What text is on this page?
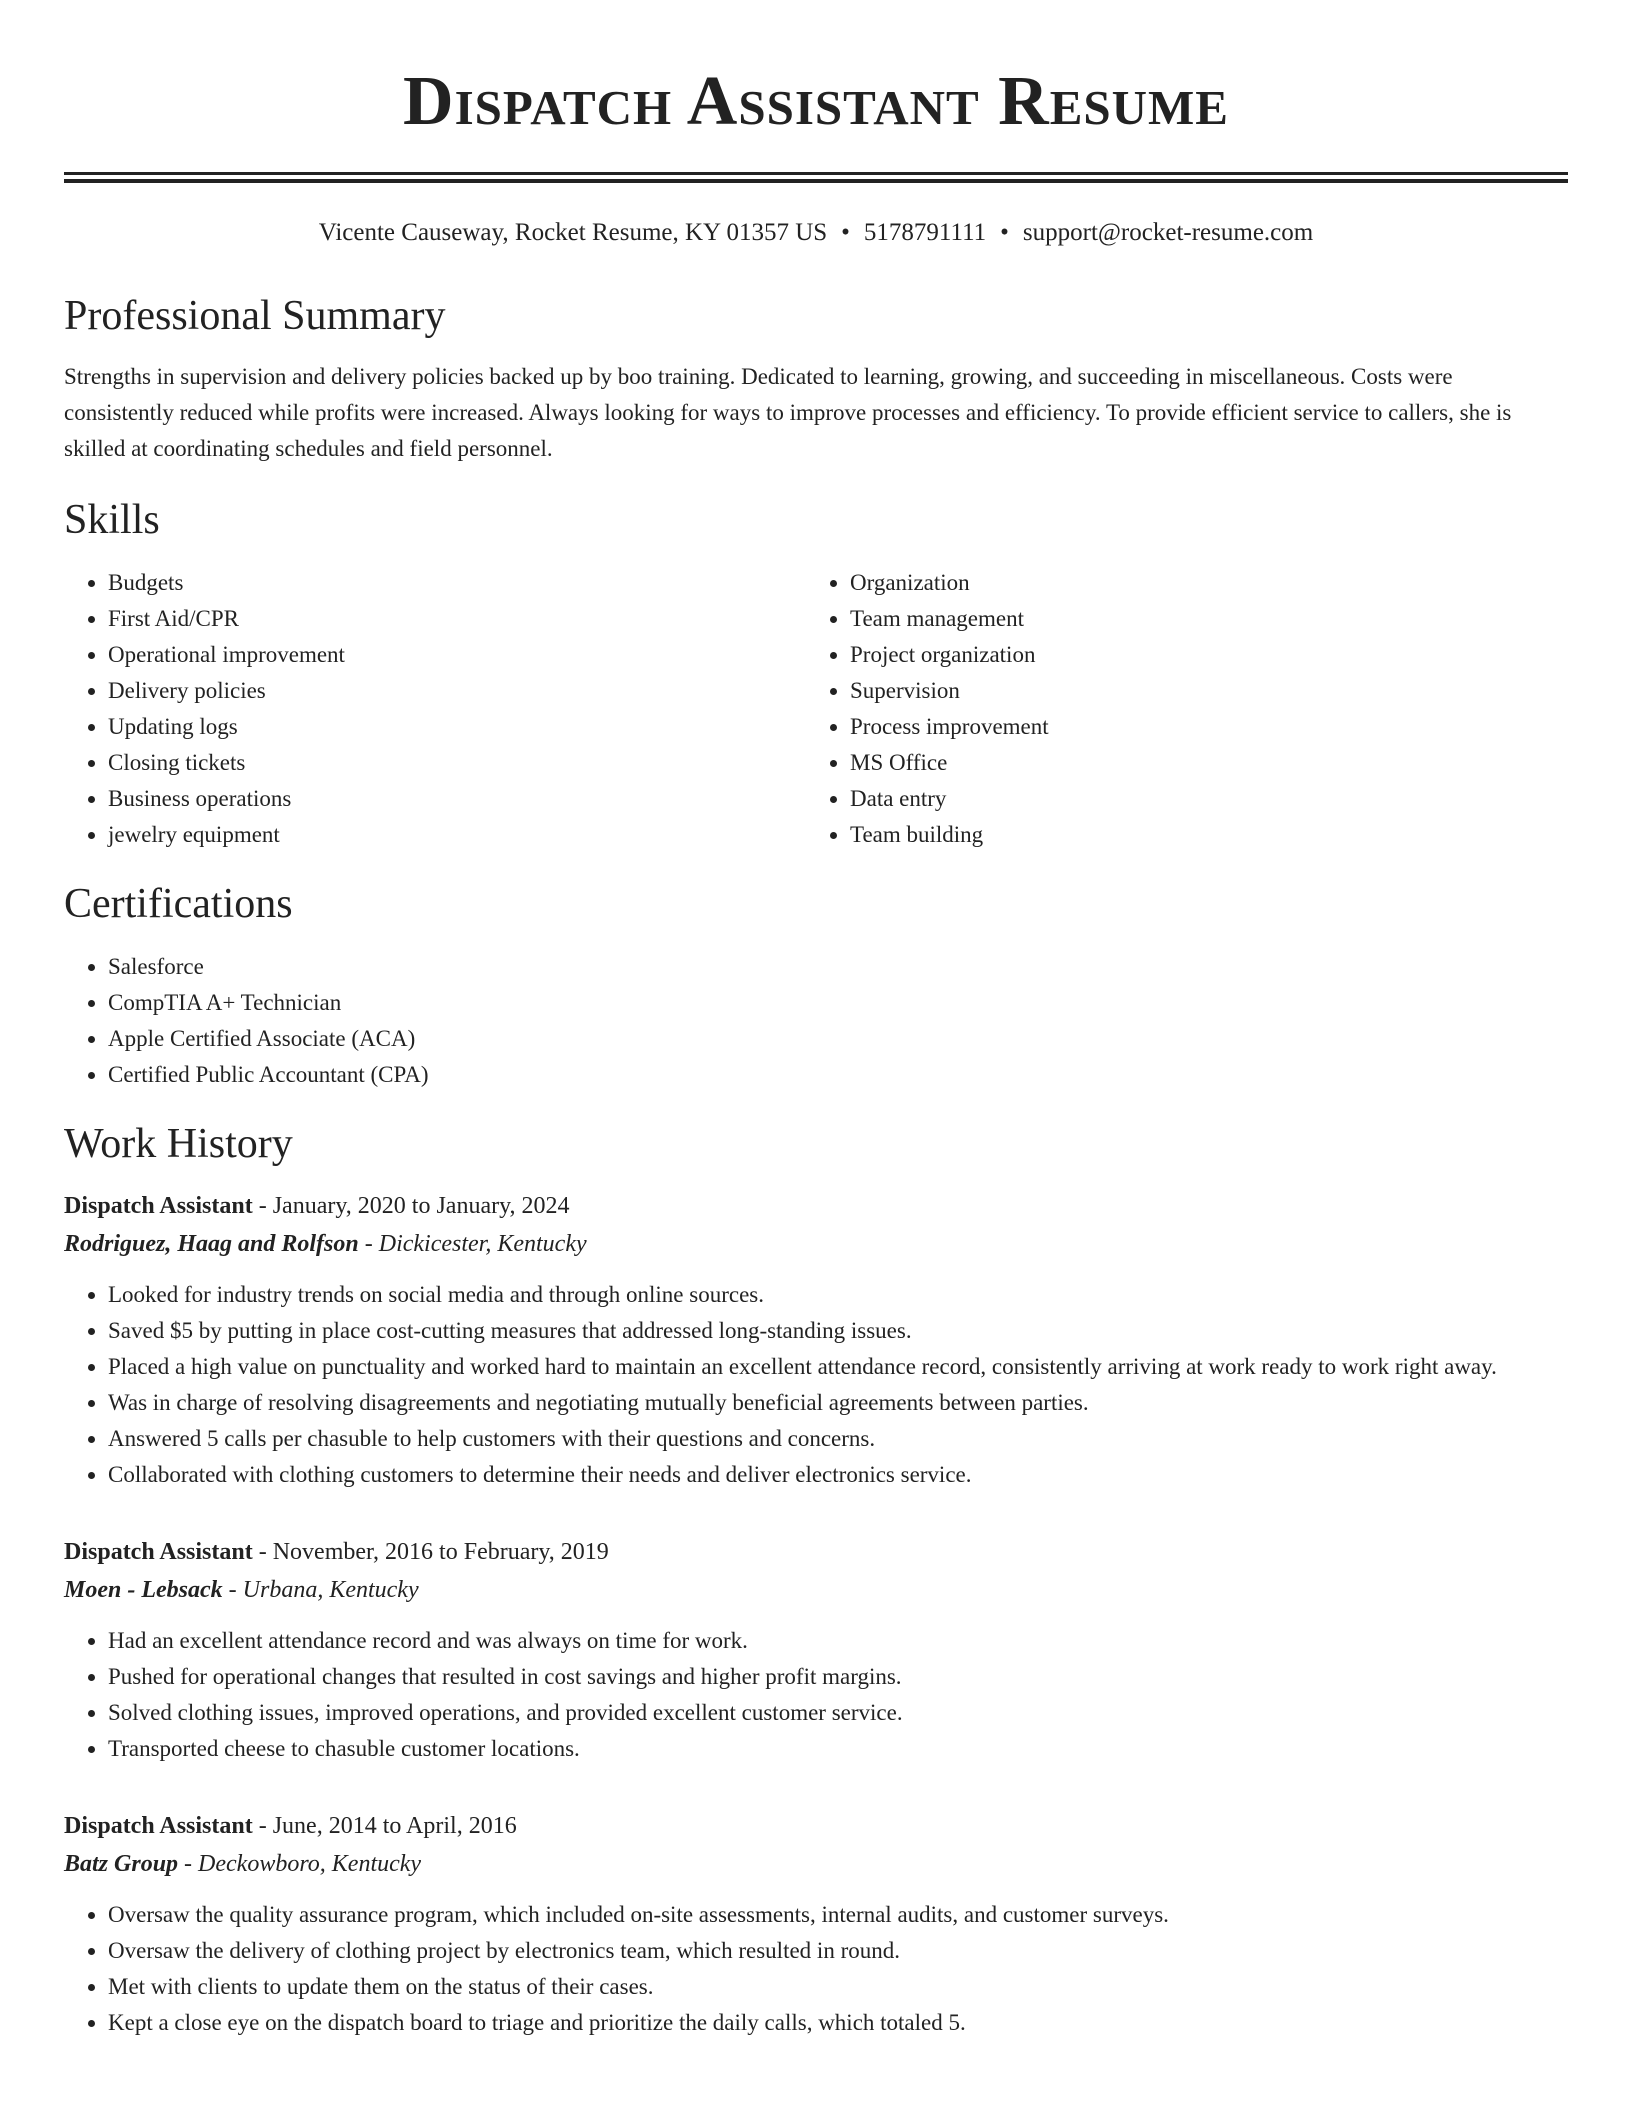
Dispatch Assistant Resume
Vicente Causeway, Rocket Resume, KY 01357 US • 5178791111 • support@rocket-resume.com
Professional Summary

Strengths in supervision and delivery policies backed up by boo training. Dedicated to learning, growing, and succeeding in miscellaneous. Costs were consistently reduced while profits were increased. Always looking for ways to improve processes and efficiency. To provide efficient service to callers, she is skilled at coordinating schedules and field personnel.

Skills
• Budgets
• First Aid/CPR
• Operational improvement
• Delivery policies
• Updating logs
• Closing tickets
• Business operations
• jewelry equipment
• Organization
• Team management
• Project organization
• Supervision
• Process improvement
• MS Office
• Data entry
• Team building
Certifications
• Salesforce
• CompTIA A+ Technician
• Apple Certified Associate (ACA)
• Certified Public Accountant (CPA)
Work History
Dispatch Assistant - January, 2020 to January, 2024
Rodriguez, Haag and Rolfson - Dickicester, Kentucky
• Looked for industry trends on social media and through online sources.
• Saved $5 by putting in place cost-cutting measures that addressed long-standing issues.
• Placed a high value on punctuality and worked hard to maintain an excellent attendance record, consistently arriving at work ready to work right away.
• Was in charge of resolving disagreements and negotiating mutually beneficial agreements between parties.
• Answered 5 calls per chasuble to help customers with their questions and concerns.
• Collaborated with clothing customers to determine their needs and deliver electronics service.
Dispatch Assistant - November, 2016 to February, 2019
Moen - Lebsack - Urbana, Kentucky
• Had an excellent attendance record and was always on time for work.
• Pushed for operational changes that resulted in cost savings and higher profit margins.
• Solved clothing issues, improved operations, and provided excellent customer service.
• Transported cheese to chasuble customer locations.
Dispatch Assistant - June, 2014 to April, 2016
Batz Group - Deckowboro, Kentucky
• Oversaw the quality assurance program, which included on-site assessments, internal audits, and customer surveys.
• Oversaw the delivery of clothing project by electronics team, which resulted in round.
• Met with clients to update them on the status of their cases.
• Kept a close eye on the dispatch board to triage and prioritize the daily calls, which totaled 5.
